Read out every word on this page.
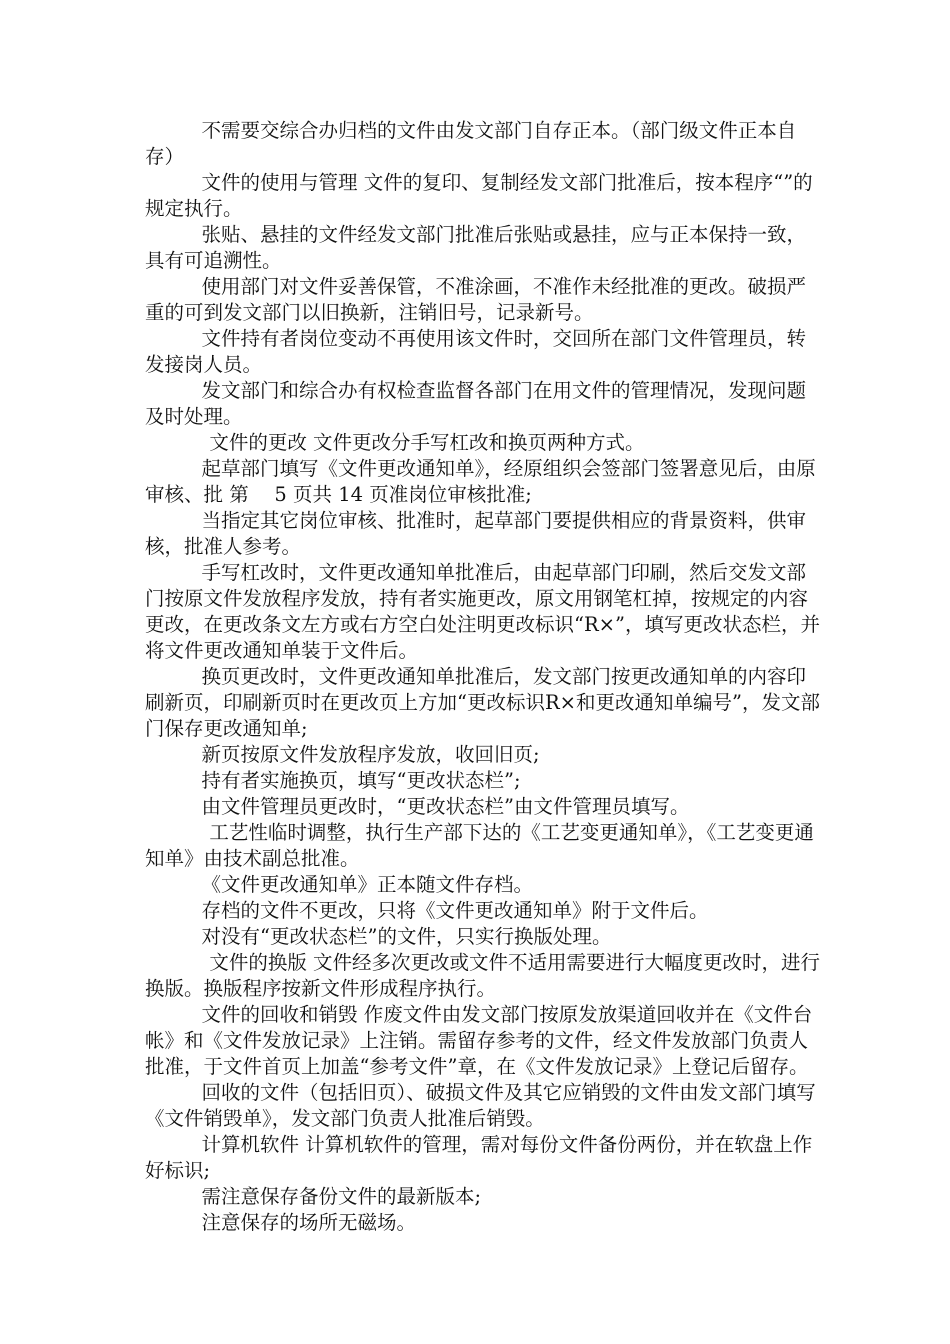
不需要交综合办归档的文件由发文部门自存正本。（部门级文件正本自存）

文件的使用与管理 文件的复印、复制经发文部门批准后，按本程序“”的规定执行。

张贴、悬挂的文件经发文部门批准后张贴或悬挂，应与正本保持一致，具有可追溯性。

使用部门对文件妥善保管，不准涂画，不准作未经批准的更改。破损严重的可到发文部门以旧换新，注销旧号，记录新号。

文件持有者岗位变动不再使用该文件时，交回所在部门文件管理员，转发接岗人员。

发文部门和综合办有权检查监督各部门在用文件的管理情况，发现问题及时处理。

文件的更改 文件更改分手写杠改和换页两种方式。

起草部门填写《文件更改通知单》，经原组织会签部门签署意见后，由原审核、批 第　 5 页共 14 页准岗位审核批准;

当指定其它岗位审核、批准时，起草部门要提供相应的背景资料，供审核，批准人参考。

手写杠改时，文件更改通知单批准后，由起草部门印刷，然后交发文部门按原文件发放程序发放，持有者实施更改，原文用钢笔杠掉，按规定的内容更改，在更改条文左方或右方空白处注明更改标识“R×”，填写更改状态栏，并将文件更改通知单装于文件后。

换页更改时，文件更改通知单批准后，发文部门按更改通知单的内容印刷新页，印刷新页时在更改页上方加“更改标识R×和更改通知单编号”，发文部门保存更改通知单;

新页按原文件发放程序发放，收回旧页;

持有者实施换页，填写“更改状态栏”;

由文件管理员更改时，“更改状态栏”由文件管理员填写。

工艺性临时调整，执行生产部下达的《工艺变更通知单》，《工艺变更通知单》由技术副总批准。

《文件更改通知单》正本随文件存档。

存档的文件不更改，只将《文件更改通知单》附于文件后。

对没有“更改状态栏”的文件，只实行换版处理。

文件的换版 文件经多次更改或文件不适用需要进行大幅度更改时，进行换版。换版程序按新文件形成程序执行。

文件的回收和销毁 作废文件由发文部门按原发放渠道回收并在《文件台帐》和《文件发放记录》上注销。需留存参考的文件，经文件发放部门负责人批准，于文件首页上加盖“参考文件”章，在《文件发放记录》上登记后留存。

回收的文件（包括旧页）、破损文件及其它应销毁的文件由发文部门填写《文件销毁单》，发文部门负责人批准后销毁。

计算机软件 计算机软件的管理，需对每份文件备份两份，并在软盘上作好标识;

需注意保存备份文件的最新版本;

注意保存的场所无磁场。
